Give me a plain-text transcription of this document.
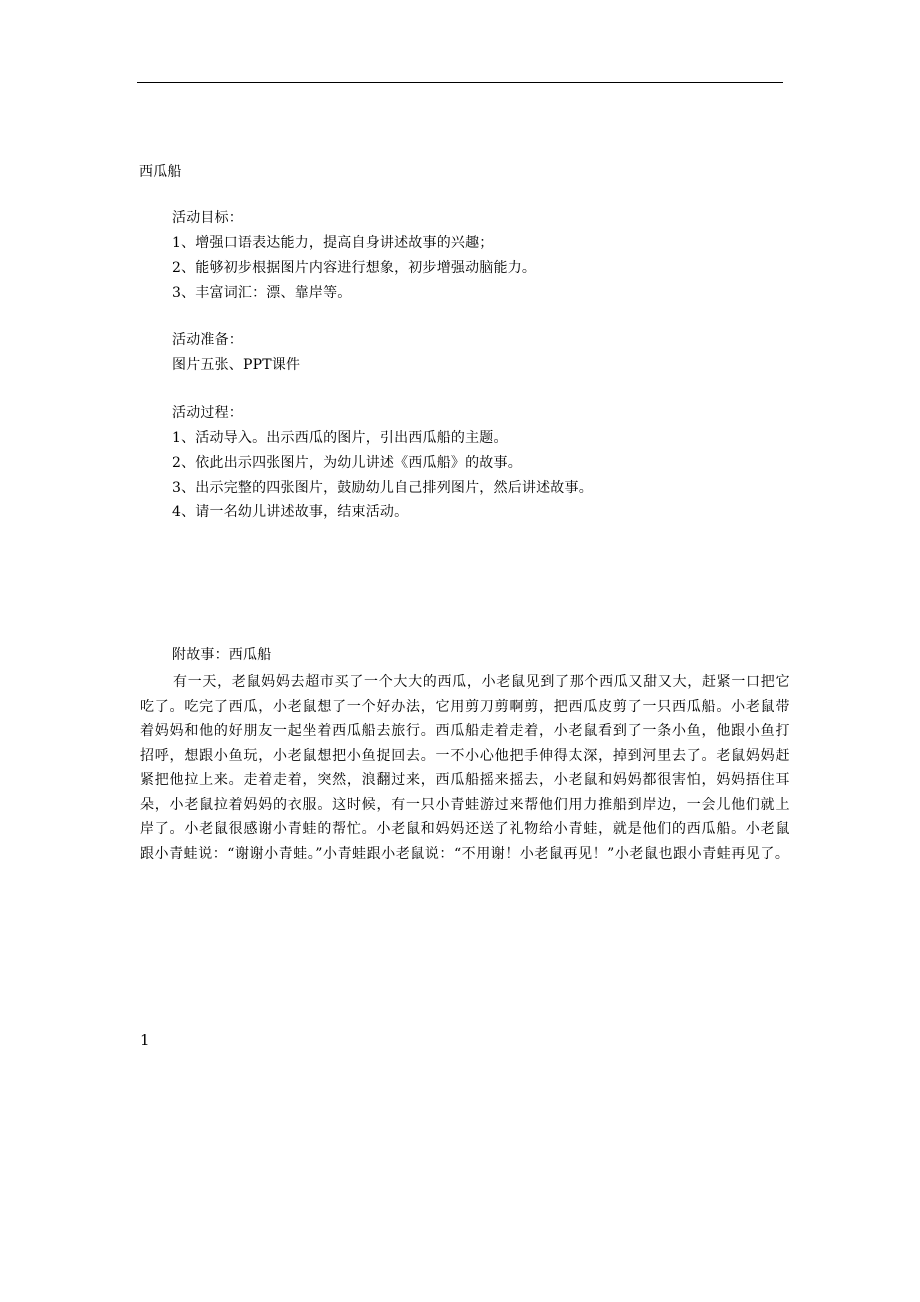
西瓜船
活动目标：
1、增强口语表达能力，提高自身讲述故事的兴趣；
2、能够初步根据图片内容进行想象，初步增强动脑能力。
3、丰富词汇：漂、靠岸等。
活动准备：
图片五张、PPT课件
活动过程：
1、活动导入。出示西瓜的图片，引出西瓜船的主题。
2、依此出示四张图片，为幼儿讲述《西瓜船》的故事。
3、出示完整的四张图片，鼓励幼儿自己排列图片，然后讲述故事。
4、请一名幼儿讲述故事，结束活动。
附故事：西瓜船
有一天，老鼠妈妈去超市买了一个大大的西瓜，小老鼠见到了那个西瓜又甜又大，赶紧一口把它吃了。吃完了西瓜，小老鼠想了一个好办法，它用剪刀剪啊剪，把西瓜皮剪了一只西瓜船。小老鼠带着妈妈和他的好朋友一起坐着西瓜船去旅行。西瓜船走着走着，小老鼠看到了一条小鱼，他跟小鱼打招呼，想跟小鱼玩，小老鼠想把小鱼捉回去。一不小心他把手伸得太深，掉到河里去了。老鼠妈妈赶紧把他拉上来。走着走着，突然，浪翻过来，西瓜船摇来摇去，小老鼠和妈妈都很害怕，妈妈捂住耳朵，小老鼠拉着妈妈的衣服。这时候，有一只小青蛙游过来帮他们用力推船到岸边，一会儿他们就上岸了。小老鼠很感谢小青蛙的帮忙。小老鼠和妈妈还送了礼物给小青蛙，就是他们的西瓜船。小老鼠跟小青蛙说：“谢谢小青蛙。”小青蛙跟小老鼠说：“不用谢！小老鼠再见！”小老鼠也跟小青蛙再见了。
1
